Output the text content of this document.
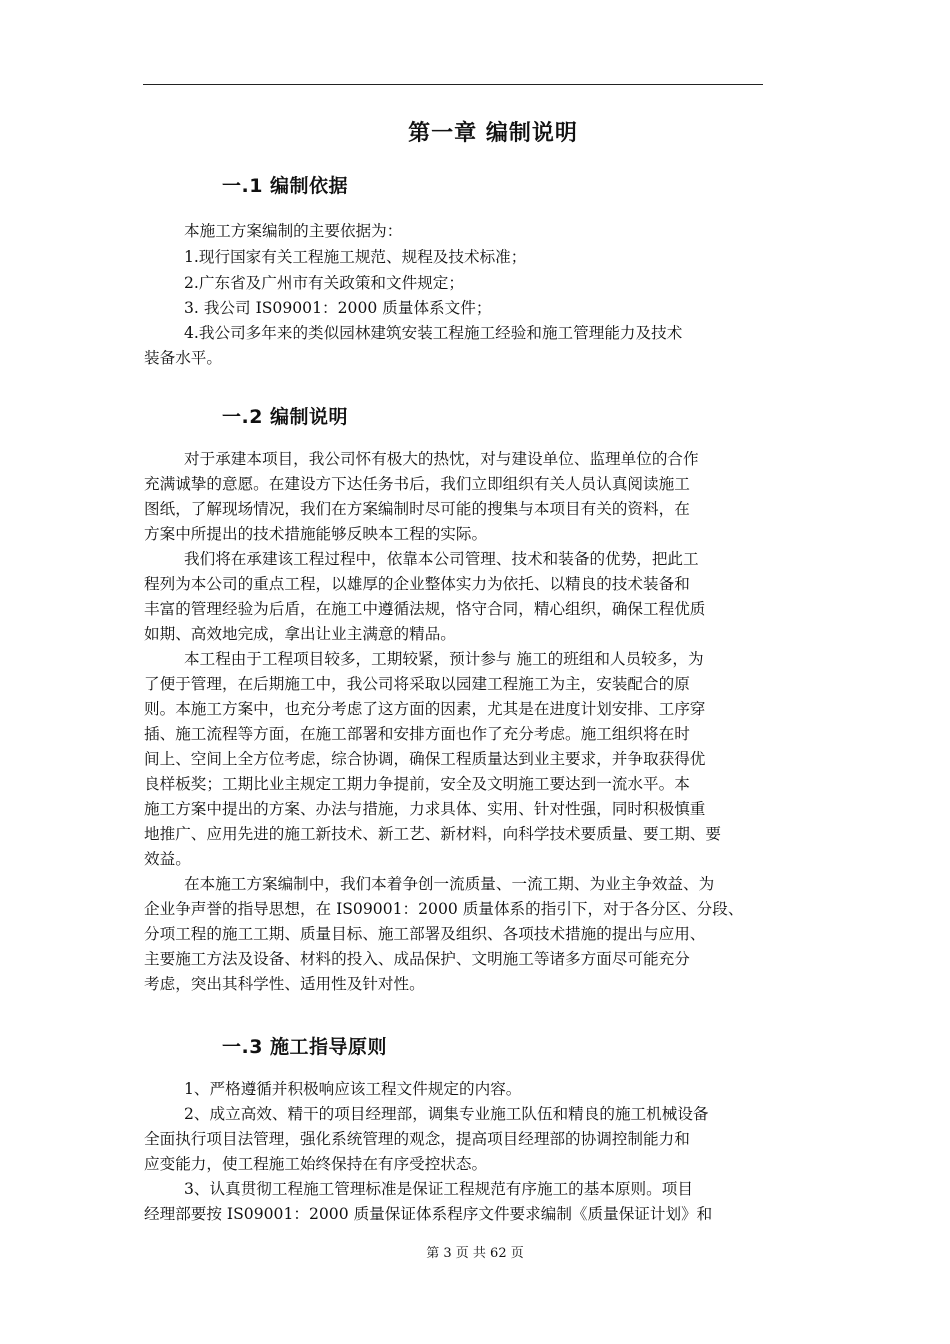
第一章 编制说明
一.1 编制依据
本施工方案编制的主要依据为：
1.现行国家有关工程施工规范、规程及技术标准；
2.广东省及广州市有关政策和文件规定；
3. 我公司 IS09001：2000 质量体系文件；
4.我公司多年来的类似园林建筑安装工程施工经验和施工管理能力及技术
装备水平。
一.2 编制说明
对于承建本项目，我公司怀有极大的热忱，对与建设单位、监理单位的合作
充满诚挚的意愿。在建设方下达任务书后，我们立即组织有关人员认真阅读施工
图纸，了解现场情况，我们在方案编制时尽可能的搜集与本项目有关的资料，在
方案中所提出的技术措施能够反映本工程的实际。
我们将在承建该工程过程中，依靠本公司管理、技术和装备的优势，把此工
程列为本公司的重点工程，以雄厚的企业整体实力为依托、以精良的技术装备和
丰富的管理经验为后盾，在施工中遵循法规，恪守合同，精心组织，确保工程优质
如期、高效地完成，拿出让业主满意的精品。
本工程由于工程项目较多，工期较紧，预计参与 施工的班组和人员较多，为
了便于管理，在后期施工中，我公司将采取以园建工程施工为主，安装配合的原
则。本施工方案中，也充分考虑了这方面的因素，尤其是在进度计划安排、工序穿
插、施工流程等方面，在施工部署和安排方面也作了充分考虑。施工组织将在时
间上、空间上全方位考虑，综合协调，确保工程质量达到业主要求，并争取获得优
良样板奖；工期比业主规定工期力争提前，安全及文明施工要达到一流水平。本
施工方案中提出的方案、办法与措施，力求具体、实用、针对性强，同时积极慎重
地推广、应用先进的施工新技术、新工艺、新材料，向科学技术要质量、要工期、要
效益。
在本施工方案编制中，我们本着争创一流质量、一流工期、为业主争效益、为
企业争声誉的指导思想，在 IS09001：2000 质量体系的指引下，对于各分区、分段、
分项工程的施工工期、质量目标、施工部署及组织、各项技术措施的提出与应用、
主要施工方法及设备、材料的投入、成品保护、文明施工等诸多方面尽可能充分
考虑，突出其科学性、适用性及针对性。
一.3 施工指导原则
1、严格遵循并积极响应该工程文件规定的内容。
2、成立高效、精干的项目经理部，调集专业施工队伍和精良的施工机械设备
全面执行项目法管理，强化系统管理的观念，提高项目经理部的协调控制能力和
应变能力，使工程施工始终保持在有序受控状态。
3、认真贯彻工程施工管理标准是保证工程规范有序施工的基本原则。项目
经理部要按 IS09001：2000 质量保证体系程序文件要求编制《质量保证计划》和
第 3 页 共 62 页
